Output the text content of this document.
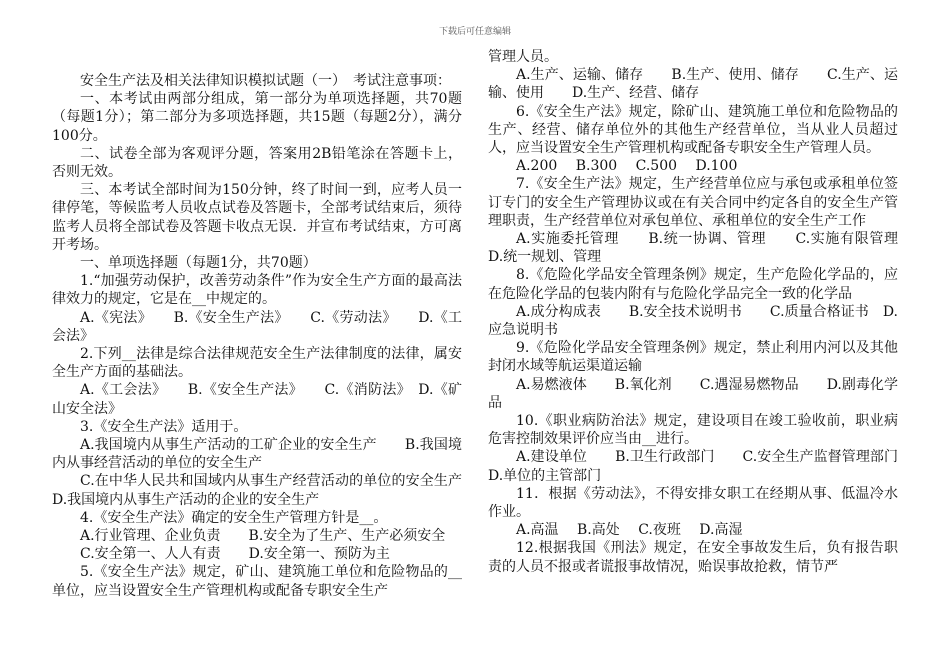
下载后可任意编辑

安全生产法及相关法律知识模拟试题（一）　考试注意事项：

一、本考试由两部分组成，第一部分为单项选择题，共70题（每题1分）；第二部分为多项选择题，共15题（每题2分），满分100分。

二、试卷全部为客观评分题，答案用2B铅笔涂在答题卡上，否则无效。

三、本考试全部时间为150分钟，终了时间一到，应考人员一律停笔，等候监考人员收点试卷及答题卡，全部考试结束后，须待监考人员将全部试卷及答题卡收点无误．并宣布考试结束，方可离开考场。

一、单项选择题（每题1分，共70题）

1.“加强劳动保护，改善劳动条件”作为安全生产方面的最高法律效力的规定，它是在__中规定的。

A.《宪法》　　B.《安全生产法》　　C.《劳动法》　　D.《工会法》

2.下列__法律是综合法律规范安全生产法律制度的法律，属安全生产方面的基础法。

A.《工会法》　　B.《安全生产法》　　C.《消防法》　D.《矿山安全法》

3.《安全生产法》适用于。

A.我国境内从事生产活动的工矿企业的安全生产　　B.我国境内从事经营活动的单位的安全生产

C.在中华人民共和国域内从事生产经营活动的单位的安全生产　D.我国境内从事生产活动的企业的安全生产

4.《安全生产法》确定的安全生产管理方针是__。

A.行业管理、企业负责　　B.安全为了生产、生产必须安全

C.安全第一、人人有责　　D.安全第一、预防为主

5.《安全生产法》规定，矿山、建筑施工单位和危险物品的__单位，应当设置安全生产管理机构或配备专职安全生产

管理人员。

A.生产、运输、储存　　B.生产、使用、储存　　C.生产、运输、使用　　D.生产、经营、储存

6.《安全生产法》规定，除矿山、建筑施工单位和危险物品的生产、经营、储存单位外的其他生产经营单位，当从业人员超过人，应当设置安全生产管理机构或配备专职安全生产管理人员。

A.200　 B.300　 C.500　 D.100

7.《安全生产法》规定，生产经营单位应与承包或承租单位签订专门的安全生产管理协议或在有关合同中约定各自的安全生产管理职责，生产经营单位对承包单位、承租单位的安全生产工作

A.实施委托管理　　B.统一协调、管理　　C.实施有限管理　D.统一规划、管理

8.《危险化学品安全管理条例》规定，生产危险化学品的，应在危险化学品的包装内附有与危险化学品完全一致的化学品

A.成分构成表　　B.安全技术说明书　　C.质量合格证书　D.应急说明书

9.《危险化学品安全管理条例》规定，禁止利用内河以及其他封闭水域等航运渠道运输

A.易燃液体　　B.氧化剂　　C.遇湿易燃物品　　D.剧毒化学品

10.《职业病防治法》规定，建设项目在竣工验收前，职业病危害控制效果评价应当由__进行。

A.建设单位　　B.卫生行政部门　　C.安全生产监督管理部门　　D.单位的主管部门

11．根据《劳动法》，不得安排女职工在经期从事、低温冷水作业。

A.高温　 B.高处　 C.夜班　 D.高湿

12.根据我国《刑法》规定，在安全事故发生后，负有报告职责的人员不报或者谎报事故情况，贻误事故抢救，情节严
